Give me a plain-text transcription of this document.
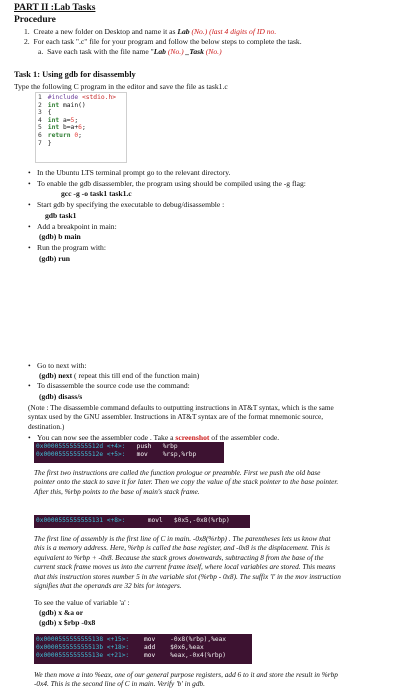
PART II :Lab Tasks
Procedure
1.  Create a new folder on Desktop and name it as Lab (No.) (last 4 digits of ID no.
2.  For each task ".c" file for your program and follow the below steps to complete the task.
a.  Save each task with the file name "Lab (No.) _Task (No.)
Task 1: Using gdb for disassembly
Type the following C program in the editor and save the file as task1.c
1 #include <stdio.h>
2 int main()
3 {
4 int a=5;
5 int b=a+6;
6 return 0;
7 }
• In the Ubuntu LTS terminal prompt go to the relevant directory.
• To enable the gdb disassembler, the program using should be compiled using the -g flag:
gcc -g -o task1 task1.c
• Start gdb by specifying the executable to debug/disassemble :
gdb task1
• Add a breakpoint in main:
(gdb) b main
• Run the program with:
(gdb) run
• Go to next with:
(gdb) next ( repeat this till end of the function main)
• To disassemble the source code use the command:
(gdb) disass/s
(Note : The disassemble command defaults to outputting instructions in AT&T syntax, which is the same
syntax used by the GNU assembler. Instructions in AT&T syntax are of the format mnemonic source,
destination.)
• You can now see the assembler code . Take a screenshot of the assembler code.
0x000055555555512d <+4>: push %rbp
0x000055555555512e <+5>: mov %rsp,%rbp
The first two instructions are called the function prologue or preamble. First we push the old base
pointer onto the stack to save it for later. Then we copy the value of the stack pointer to the base pointer.
After this, %rbp points to the base of main's stack frame.
0x0000555555555131 <+8>:	movl $0x5,-0x8(%rbp)
The first line of assembly is the first line of C in main. -0x8(%rbp) . The parentheses lets us know that
this is a memory address. Here, %rbp is called the base register, and -0x8 is the displacement. This is
equivalent to %rbp + -0x8. Because the stack grows downwards, subtracting 8 from the base of the
current stack frame moves us into the current frame itself, where local variables are stored. This means
that this instruction stores number 5 in the variable slot (%rbp - 0x8). The suffix 'l' in the mov instruction
signifies that the operands are 32 bits for integers.
To see the value of variable 'a' :
(gdb) x &a or
(gdb) x $rbp -0x8
0x0000555555555138 <+15>: mov -0x8(%rbp),%eax
0x000055555555513b <+18>: add $0x6,%eax
0x000055555555513e <+21>: mov %eax,-0x4(%rbp)
We then move a into %eax, one of our general purpose registers, add 6 to it and store the result in %rbp
-0x4. This is the second line of C in main. Verify 'b' in gdb.
